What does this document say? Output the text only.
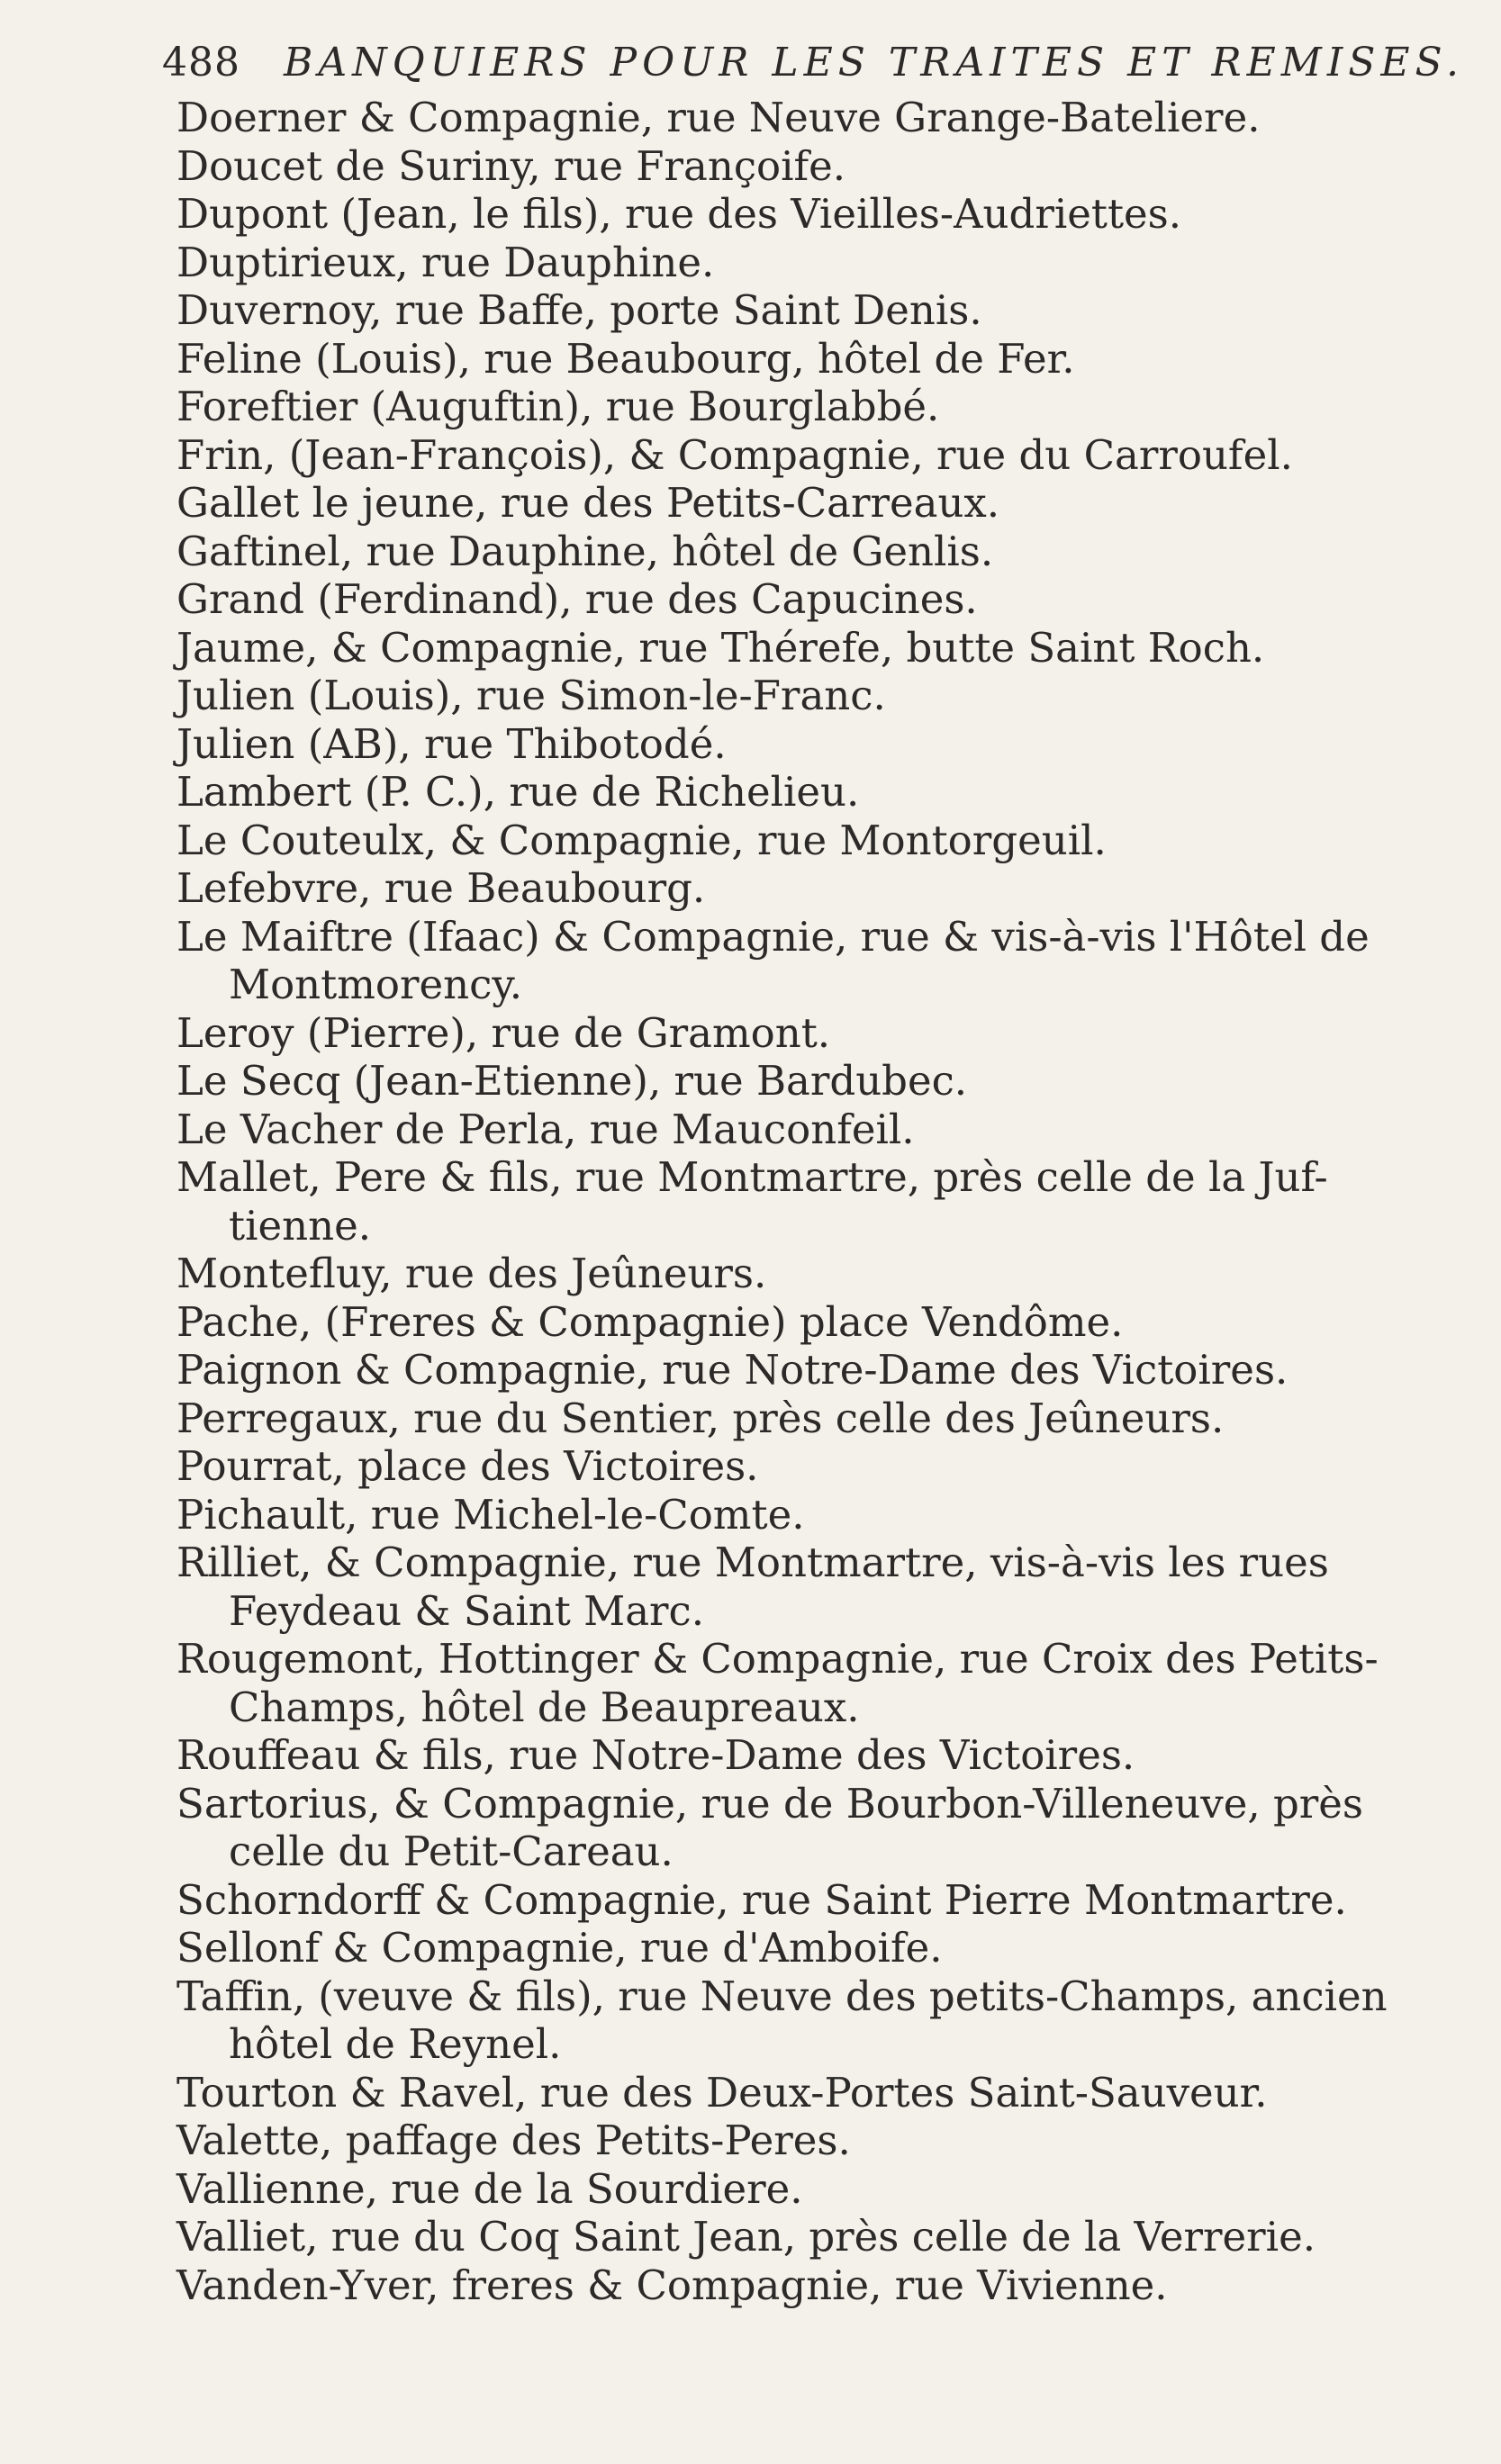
488 BANQUIERS POUR LES TRAITES ET REMISES.
Doerner & Compagnie, rue Neuve Grange-Bateliere.
Doucet de Suriny, rue Françoife.
Dupont (Jean, le fils), rue des Vieilles-Audriettes.
Duptirieux, rue Dauphine.
Duvernoy, rue Baffe, porte Saint Denis.
Feline (Louis), rue Beaubourg, hôtel de Fer.
Foreftier (Auguftin), rue Bourglabbé.
Frin, (Jean-François), & Compagnie, rue du Carroufel.
Gallet le jeune, rue des Petits-Carreaux.
Gaftinel, rue Dauphine, hôtel de Genlis.
Grand (Ferdinand), rue des Capucines.
Jaume, & Compagnie, rue Thérefe, butte Saint Roch.
Julien (Louis), rue Simon-le-Franc.
Julien (AB), rue Thibotodé.
Lambert (P. C.), rue de Richelieu.
Le Couteulx, & Compagnie, rue Montorgeuil.
Lefebvre, rue Beaubourg.
Le Maiftre (Ifaac) & Compagnie, rue & vis-à-vis l'Hôtel de
Montmorency.
Leroy (Pierre), rue de Gramont.
Le Secq (Jean-Etienne), rue Bardubec.
Le Vacher de Perla, rue Mauconfeil.
Mallet, Pere & fils, rue Montmartre, près celle de la Juf-
tienne.
Montefluy, rue des Jeûneurs.
Pache, (Freres & Compagnie) place Vendôme.
Paignon & Compagnie, rue Notre-Dame des Victoires.
Perregaux, rue du Sentier, près celle des Jeûneurs.
Pourrat, place des Victoires.
Pichault, rue Michel-le-Comte.
Rilliet, & Compagnie, rue Montmartre, vis-à-vis les rues
Feydeau & Saint Marc.
Rougemont, Hottinger & Compagnie, rue Croix des Petits-
Champs, hôtel de Beaupreaux.
Rouffeau & fils, rue Notre-Dame des Victoires.
Sartorius, & Compagnie, rue de Bourbon-Villeneuve, près
celle du Petit-Careau.
Schorndorff & Compagnie, rue Saint Pierre Montmartre.
Sellonf & Compagnie, rue d'Amboife.
Taffin, (veuve & fils), rue Neuve des petits-Champs, ancien
hôtel de Reynel.
Tourton & Ravel, rue des Deux-Portes Saint-Sauveur.
Valette, paffage des Petits-Peres.
Vallienne, rue de la Sourdiere.
Valliet, rue du Coq Saint Jean, près celle de la Verrerie.
Vanden-Yver, freres & Compagnie, rue Vivienne.
